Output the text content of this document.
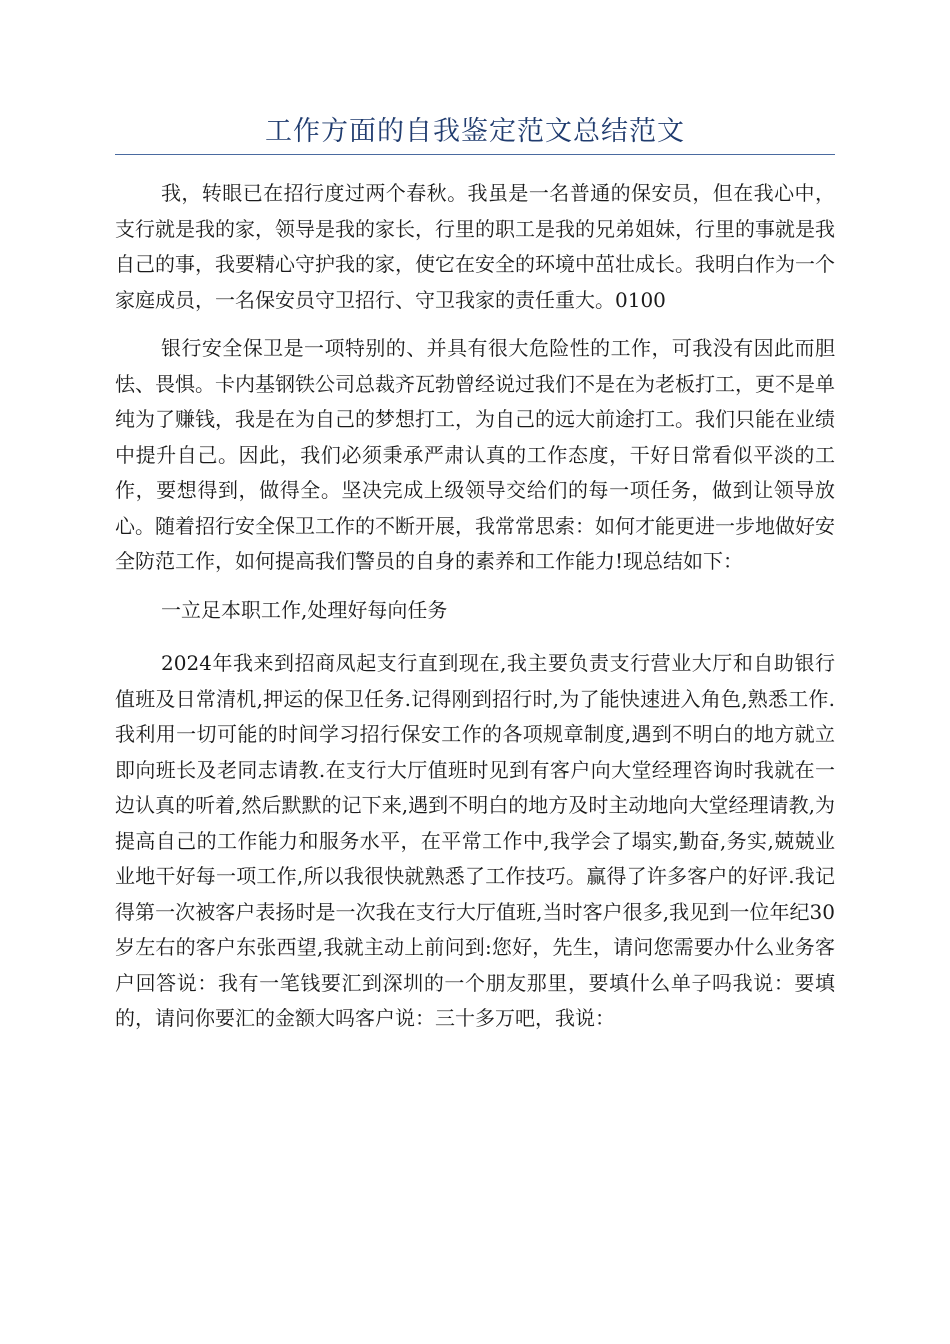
工作方面的自我鉴定范文总结范文

我，转眼已在招行度过两个春秋。我虽是一名普通的保安员，但在我心中，支行就是我的家，领导是我的家长，行里的职工是我的兄弟姐妹，行里的事就是我自己的事，我要精心守护我的家，使它在安全的环境中茁壮成长。我明白作为一个家庭成员，一名保安员守卫招行、守卫我家的责任重大。0100

银行安全保卫是一项特别的、并具有很大危险性的工作，可我没有因此而胆怯、畏惧。卡内基钢铁公司总裁齐瓦勃曾经说过我们不是在为老板打工，更不是单纯为了赚钱，我是在为自己的梦想打工，为自己的远大前途打工。我们只能在业绩中提升自己。因此，我们必须秉承严肃认真的工作态度，干好日常看似平淡的工作，要想得到，做得全。坚决完成上级领导交给们的每一项任务，做到让领导放心。随着招行安全保卫工作的不断开展，我常常思索：如何才能更进一步地做好安全防范工作，如何提高我们警员的自身的素养和工作能力!现总结如下：

一立足本职工作,处理好每向任务

2024年我来到招商凤起支行直到现在,我主要负责支行营业大厅和自助银行值班及日常清机,押运的保卫任务.记得刚到招行时,为了能快速进入角色,熟悉工作.我利用一切可能的时间学习招行保安工作的各项规章制度,遇到不明白的地方就立即向班长及老同志请教.在支行大厅值班时见到有客户向大堂经理咨询时我就在一边认真的听着,然后默默的记下来,遇到不明白的地方及时主动地向大堂经理请教,为提高自己的工作能力和服务水平，在平常工作中,我学会了塌实,勤奋,务实,兢兢业业地干好每一项工作,所以我很快就熟悉了工作技巧。赢得了许多客户的好评.我记得第一次被客户表扬时是一次我在支行大厅值班,当时客户很多,我见到一位年纪30岁左右的客户东张西望,我就主动上前问到:您好，先生，请问您需要办什么业务客户回答说：我有一笔钱要汇到深圳的一个朋友那里，要填什么单子吗我说：要填的，请问你要汇的金额大吗客户说：三十多万吧，我说：
